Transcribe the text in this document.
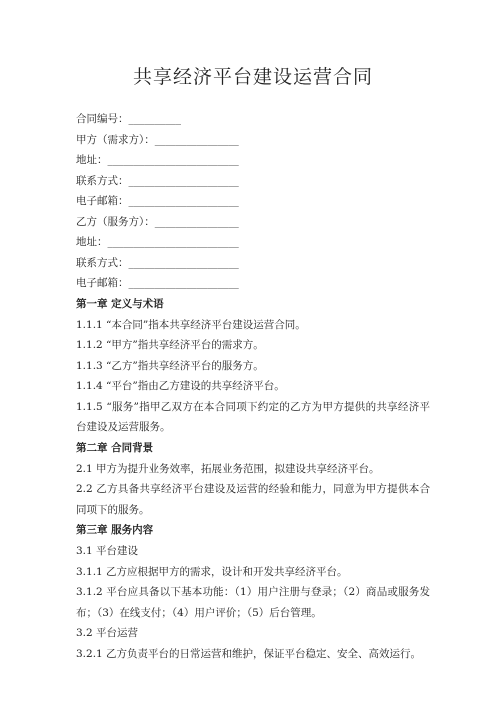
共享经济平台建设运营合同
合同编号：__________
甲方（需求方）：________________
地址：_________________________
联系方式：_____________________
电子邮箱：_____________________
乙方（服务方）：________________
地址：_________________________
联系方式：_____________________
电子邮箱：_____________________
第一章 定义与术语
1.1.1 “本合同”指本共享经济平台建设运营合同。
1.1.2 “甲方”指共享经济平台的需求方。
1.1.3 “乙方”指共享经济平台的服务方。
1.1.4 “平台”指由乙方建设的共享经济平台。
1.1.5 “服务”指甲乙双方在本合同项下约定的乙方为甲方提供的共享经济平台建设及运营服务。
第二章 合同背景
2.1 甲方为提升业务效率，拓展业务范围，拟建设共享经济平台。
2.2 乙方具备共享经济平台建设及运营的经验和能力，同意为甲方提供本合同项下的服务。
第三章 服务内容
3.1 平台建设
3.1.1 乙方应根据甲方的需求，设计和开发共享经济平台。
3.1.2 平台应具备以下基本功能：（1）用户注册与登录；（2）商品或服务发布；（3）在线支付；（4）用户评价；（5）后台管理。
3.2 平台运营
3.2.1 乙方负责平台的日常运营和维护，保证平台稳定、安全、高效运行。
